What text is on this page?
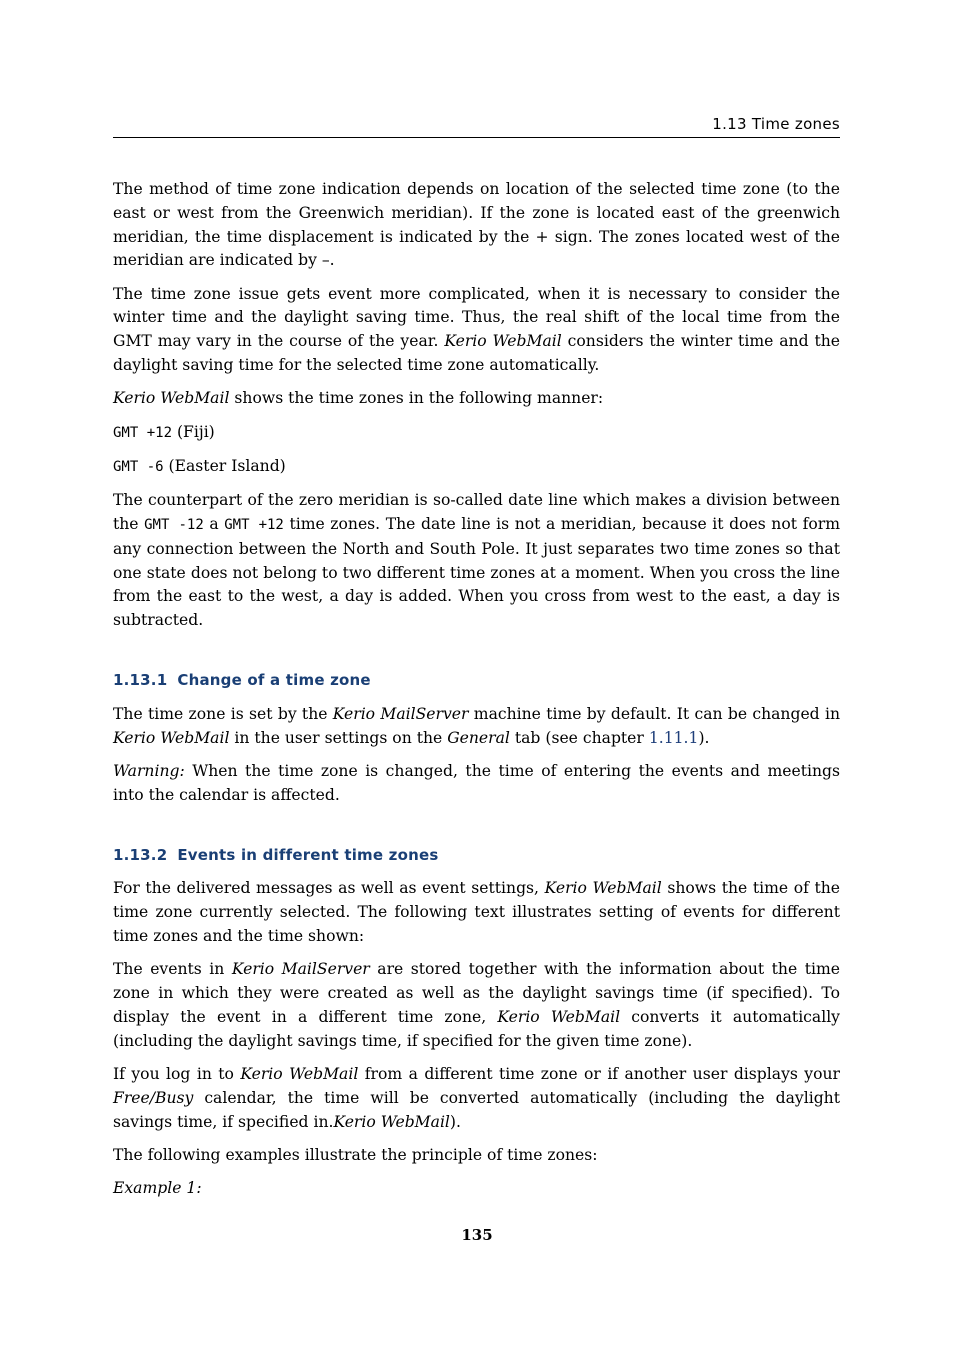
1.13 Time zones

The method of time zone indication depends on location of the selected time zone (to the east or west from the Greenwich meridian). If the zone is located east of the greenwich meridian, the time displacement is indicated by the + sign. The zones located west of the meridian are indicated by –.

The time zone issue gets event more complicated, when it is necessary to consider the winter time and the daylight saving time. Thus, the real shift of the local time from the GMT may vary in the course of the year. Kerio WebMail considers the winter time and the daylight saving time for the selected time zone automatically.

Kerio WebMail shows the time zones in the following manner:

GMT +12 (Fiji)

GMT -6 (Easter Island)

The counterpart of the zero meridian is so-called date line which makes a division between the GMT -12 a GMT +12 time zones. The date line is not a meridian, because it does not form any connection between the North and South Pole. It just separates two time zones so that one state does not belong to two different time zones at a moment. When you cross the line from the east to the west, a day is added. When you cross from west to the east, a day is subtracted.

1.13.1 Change of a time zone

The time zone is set by the Kerio MailServer machine time by default. It can be changed in Kerio WebMail in the user settings on the General tab (see chapter 1.11.1).

Warning: When the time zone is changed, the time of entering the events and meetings into the calendar is affected.

1.13.2 Events in different time zones

For the delivered messages as well as event settings, Kerio WebMail shows the time of the time zone currently selected. The following text illustrates setting of events for different time zones and the time shown:

The events in Kerio MailServer are stored together with the information about the time zone in which they were created as well as the daylight savings time (if specified). To display the event in a different time zone, Kerio WebMail converts it automatically (including the daylight savings time, if specified for the given time zone).

If you log in to Kerio WebMail from a different time zone or if another user displays your Free/Busy calendar, the time will be converted automatically (including the daylight savings time, if specified in.Kerio WebMail).

The following examples illustrate the principle of time zones:

Example 1:

135
